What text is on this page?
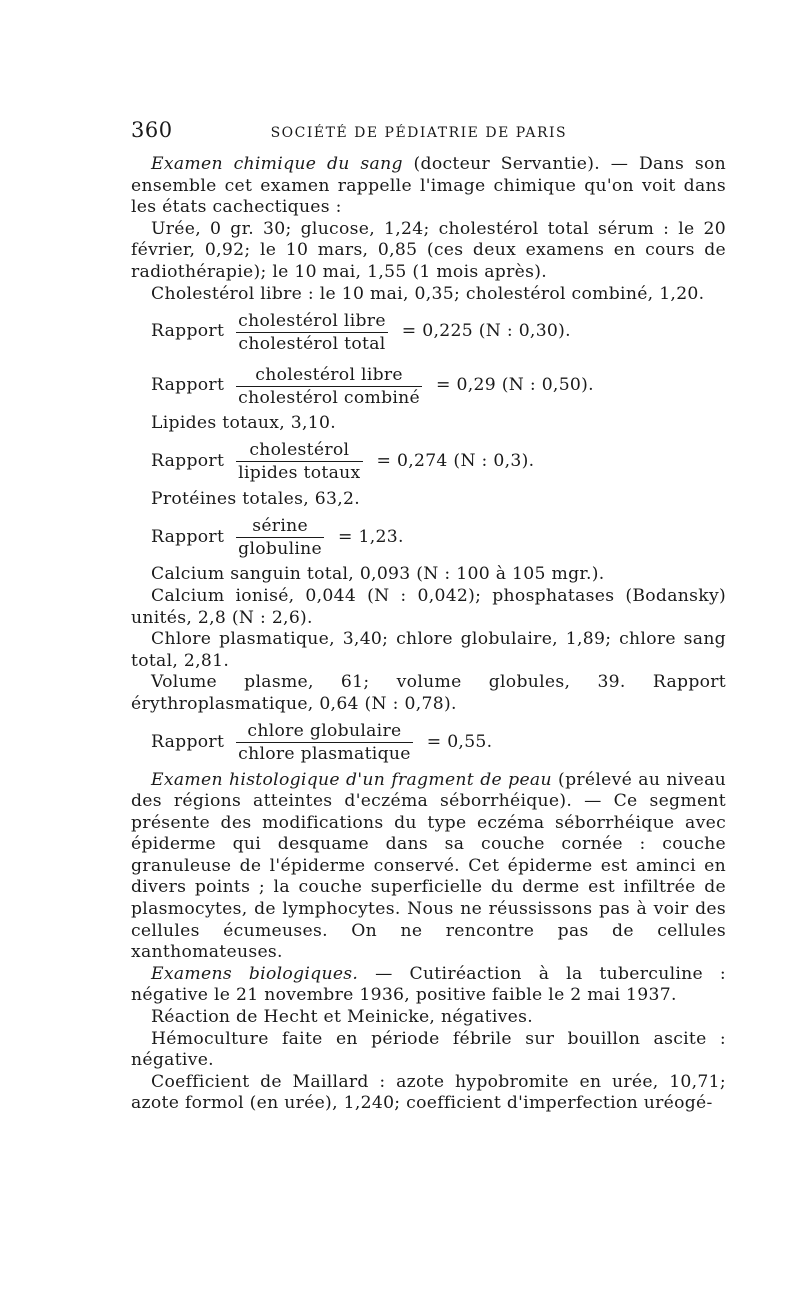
360	SOCIÉTÉ DE PÉDIATRIE DE PARIS

Examen chimique du sang (docteur Servantie). — Dans son ensemble cet examen rappelle l'image chimique qu'on voit dans les états cachectiques :

Urée, 0 gr. 30; glucose, 1,24; cholestérol total sérum : le 20 février, 0,92; le 10 mars, 0,85 (ces deux examens en cours de radiothérapie); le 10 mai, 1,55 (1 mois après).

Cholestérol libre : le 10 mai, 0,35; cholestérol combiné, 1,20.

Rapport $\frac{\text{cholestérol libre}}{\text{cholestérol total}} = 0,225$ (N : 0,30).
Rapport $\frac{\text{cholestérol libre}}{\text{cholestérol combiné}} = 0,29$ (N : 0,50).

Lipides totaux, 3,10.

Rapport $\frac{\text{cholestérol}}{\text{lipides totaux}} = 0,274$ (N : 0,3).

Protéines totales, 63,2.

Rapport $\frac{\text{sérine}}{\text{globuline}} = 1,23$.

Calcium sanguin total, 0,093 (N : 100 à 105 mgr.).

Calcium ionisé, 0,044 (N : 0,042); phosphatases (Bodansky) unités, 2,8 (N : 2,6).

Chlore plasmatique, 3,40; chlore globulaire, 1,89; chlore sang total, 2,81.

Volume plasme, 61; volume globules, 39. Rapport érythroplasmatique, 0,64 (N : 0,78).

Rapport $\frac{\text{chlore globulaire}}{\text{chlore plasmatique}} = 0,55$.

Examen histologique d'un fragment de peau (prélevé au niveau des régions atteintes d'eczéma séborrhéique). — Ce segment présente des modifications du type eczéma séborrhéique avec épiderme qui desquame dans sa couche cornée : couche granuleuse de l'épiderme conservé. Cet épiderme est aminci en divers points ; la couche superficielle du derme est infiltrée de plasmocytes, de lymphocytes. Nous ne réussissons pas à voir des cellules écumeuses. On ne rencontre pas de cellules xanthomateuses.

Examens biologiques. — Cutiréaction à la tuberculine : négative le 21 novembre 1936, positive faible le 2 mai 1937.

Réaction de Hecht et Meinicke, négatives.

Hémoculture faite en période fébrile sur bouillon ascite : négative.

Coefficient de Maillard : azote hypobromite en urée, 10,71; azote formol (en urée), 1,240; coefficient d'imperfection uréogé-
